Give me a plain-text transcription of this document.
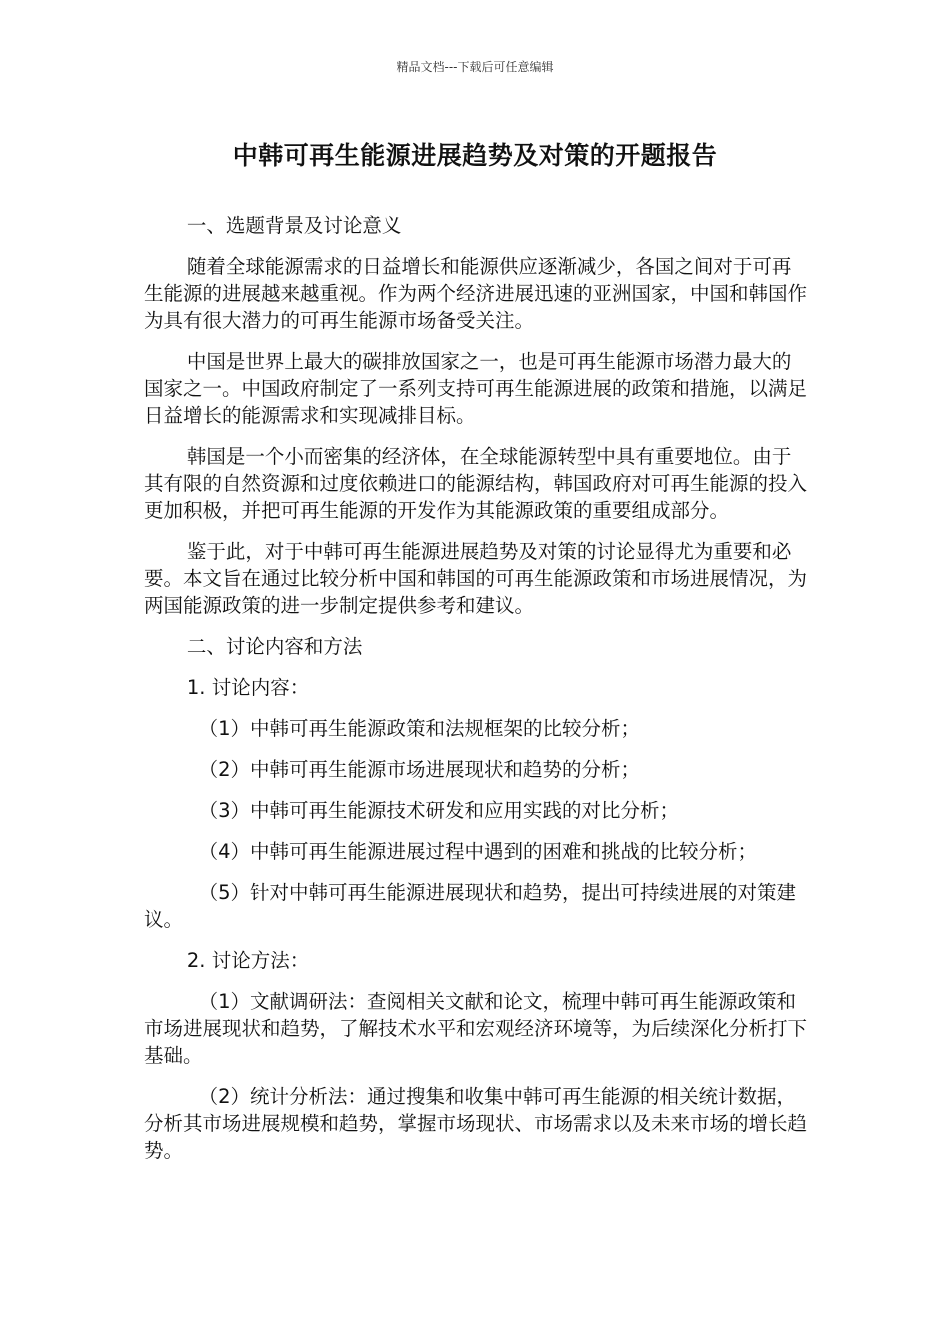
精品文档---下载后可任意编辑
中韩可再生能源进展趋势及对策的开题报告

一、选题背景及讨论意义

随着全球能源需求的日益增长和能源供应逐渐减少，各国之间对于可再生能源的进展越来越重视。作为两个经济进展迅速的亚洲国家，中国和韩国作为具有很大潜力的可再生能源市场备受关注。

中国是世界上最大的碳排放国家之一，也是可再生能源市场潜力最大的国家之一。中国政府制定了一系列支持可再生能源进展的政策和措施，以满足日益增长的能源需求和实现减排目标。

韩国是一个小而密集的经济体，在全球能源转型中具有重要地位。由于其有限的自然资源和过度依赖进口的能源结构，韩国政府对可再生能源的投入更加积极，并把可再生能源的开发作为其能源政策的重要组成部分。

鉴于此，对于中韩可再生能源进展趋势及对策的讨论显得尤为重要和必要。本文旨在通过比较分析中国和韩国的可再生能源政策和市场进展情况，为两国能源政策的进一步制定提供参考和建议。

二、讨论内容和方法

1. 讨论内容：

（1）中韩可再生能源政策和法规框架的比较分析；

（2）中韩可再生能源市场进展现状和趋势的分析；

（3）中韩可再生能源技术研发和应用实践的对比分析；

（4）中韩可再生能源进展过程中遇到的困难和挑战的比较分析；

（5）针对中韩可再生能源进展现状和趋势，提出可持续进展的对策建议。

2. 讨论方法：

（1）文献调研法：查阅相关文献和论文，梳理中韩可再生能源政策和市场进展现状和趋势，了解技术水平和宏观经济环境等，为后续深化分析打下基础。

（2）统计分析法：通过搜集和收集中韩可再生能源的相关统计数据，分析其市场进展规模和趋势，掌握市场现状、市场需求以及未来市场的增长趋势。
